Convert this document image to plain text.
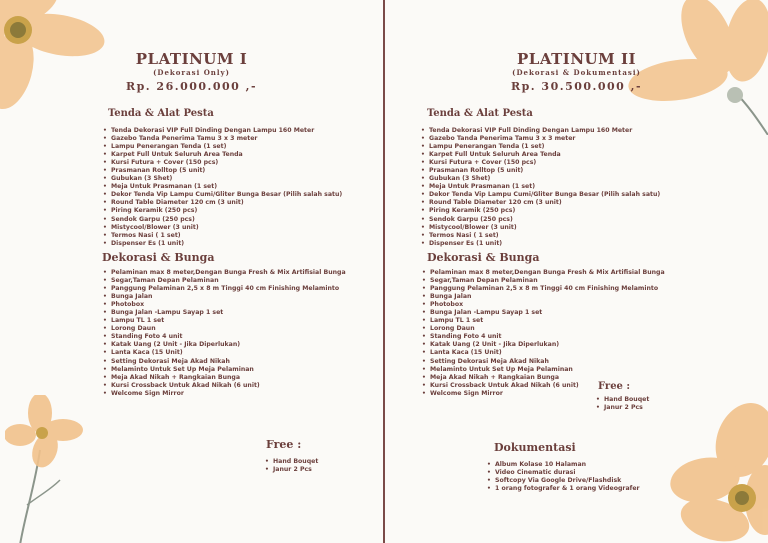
PLATINUM I
(Dekorasi Only)
Rp. 26.000.000 ,-
Tenda & Alat Pesta
• Tenda Dekorasi VIP Full Dinding Dengan Lampu 160 Meter
• Gazebo Tanda Penerima Tamu 3 x 3 meter
• Lampu Penerangan Tenda (1 set)
• Karpet Full Untuk Seluruh Area Tenda
• Kursi Futura + Cover (150 pcs)
• Prasmanan Rolltop (5 unit)
• Gubukan (3 Shet)
• Meja Untuk Prasmanan (1 set)
• Dekor Tenda Vip Lampu Cumi/Gliter Bunga Besar (Pilih salah satu)
• Round Table Diameter 120 cm (3 unit)
• Piring Keramik (250 pcs)
• Sendok Garpu (250 pcs)
• Mistycool/Blower (3 unit)
• Termos Nasi ( 1 set)
• Dispenser Es (1 unit)
Dekorasi & Bunga
• Pelaminan max 8 meter,Dengan Bunga Fresh & Mix Artifisial Bunga
• Segar,Taman Depan Pelaminan
• Panggung Pelaminan 2,5 x 8 m Tinggi 40 cm Finishing Melaminto
• Bunga Jalan
• Photobox
• Bunga Jalan -Lampu Sayap 1 set
• Lampu TL 1 set
• Lorong Daun
• Standing Foto 4 unit
• Katak Uang (2 Unit - Jika Diperlukan)
• Lanta Kaca (15 Unit)
• Setting Dekorasi Meja Akad Nikah
• Melaminto Untuk Set Up Meja Pelaminan
• Meja Akad Nikah + Rangkaian Bunga
• Kursi Crossback Untuk Akad Nikah (6 unit)
• Welcome Sign Mirror
Free :
• Hand Bouqet
• Janur 2 Pcs
PLATINUM II
(Dekorasi & Dokumentasi)
Rp. 30.500.000 ,-
Tenda & Alat Pesta
• Tenda Dekorasi VIP Full Dinding Dengan Lampu 160 Meter
• Gazebo Tanda Penerima Tamu 3 x 3 meter
• Lampu Penerangan Tenda (1 set)
• Karpet Full Untuk Seluruh Area Tenda
• Kursi Futura + Cover (150 pcs)
• Prasmanan Rolltop (5 unit)
• Gubukan (3 Shet)
• Meja Untuk Prasmanan (1 set)
• Dekor Tenda Vip Lampu Cumi/Gliter Bunga Besar (Pilih salah satu)
• Round Table Diameter 120 cm (3 unit)
• Piring Keramik (250 pcs)
• Sendok Garpu (250 pcs)
• Mistycool/Blower (3 unit)
• Termos Nasi ( 1 set)
• Dispenser Es (1 unit)
Dekorasi & Bunga
• Pelaminan max 8 meter,Dengan Bunga Fresh & Mix Artifisial Bunga
• Segar,Taman Depan Pelaminan
• Panggung Pelaminan 2,5 x 8 m Tinggi 40 cm Finishing Melaminto
• Bunga Jalan
• Photobox
• Bunga Jalan -Lampu Sayap 1 set
• Lampu TL 1 set
• Lorong Daun
• Standing Foto 4 unit
• Katak Uang (2 Unit - Jika Diperlukan)
• Lanta Kaca (15 Unit)
• Setting Dekorasi Meja Akad Nikah
• Melaminto Untuk Set Up Meja Pelaminan
• Meja Akad Nikah + Rangkaian Bunga
• Kursi Crossback Untuk Akad Nikah (6 unit)
• Welcome Sign Mirror
Free :
• Hand Bouqet
• Janur 2 Pcs
Dokumentasi
• Album Kolase 10 Halaman
• Video Cinematic durasi
• Softcopy Via Google Drive/Flashdisk
• 1 orang fotografer & 1 orang Videografer
